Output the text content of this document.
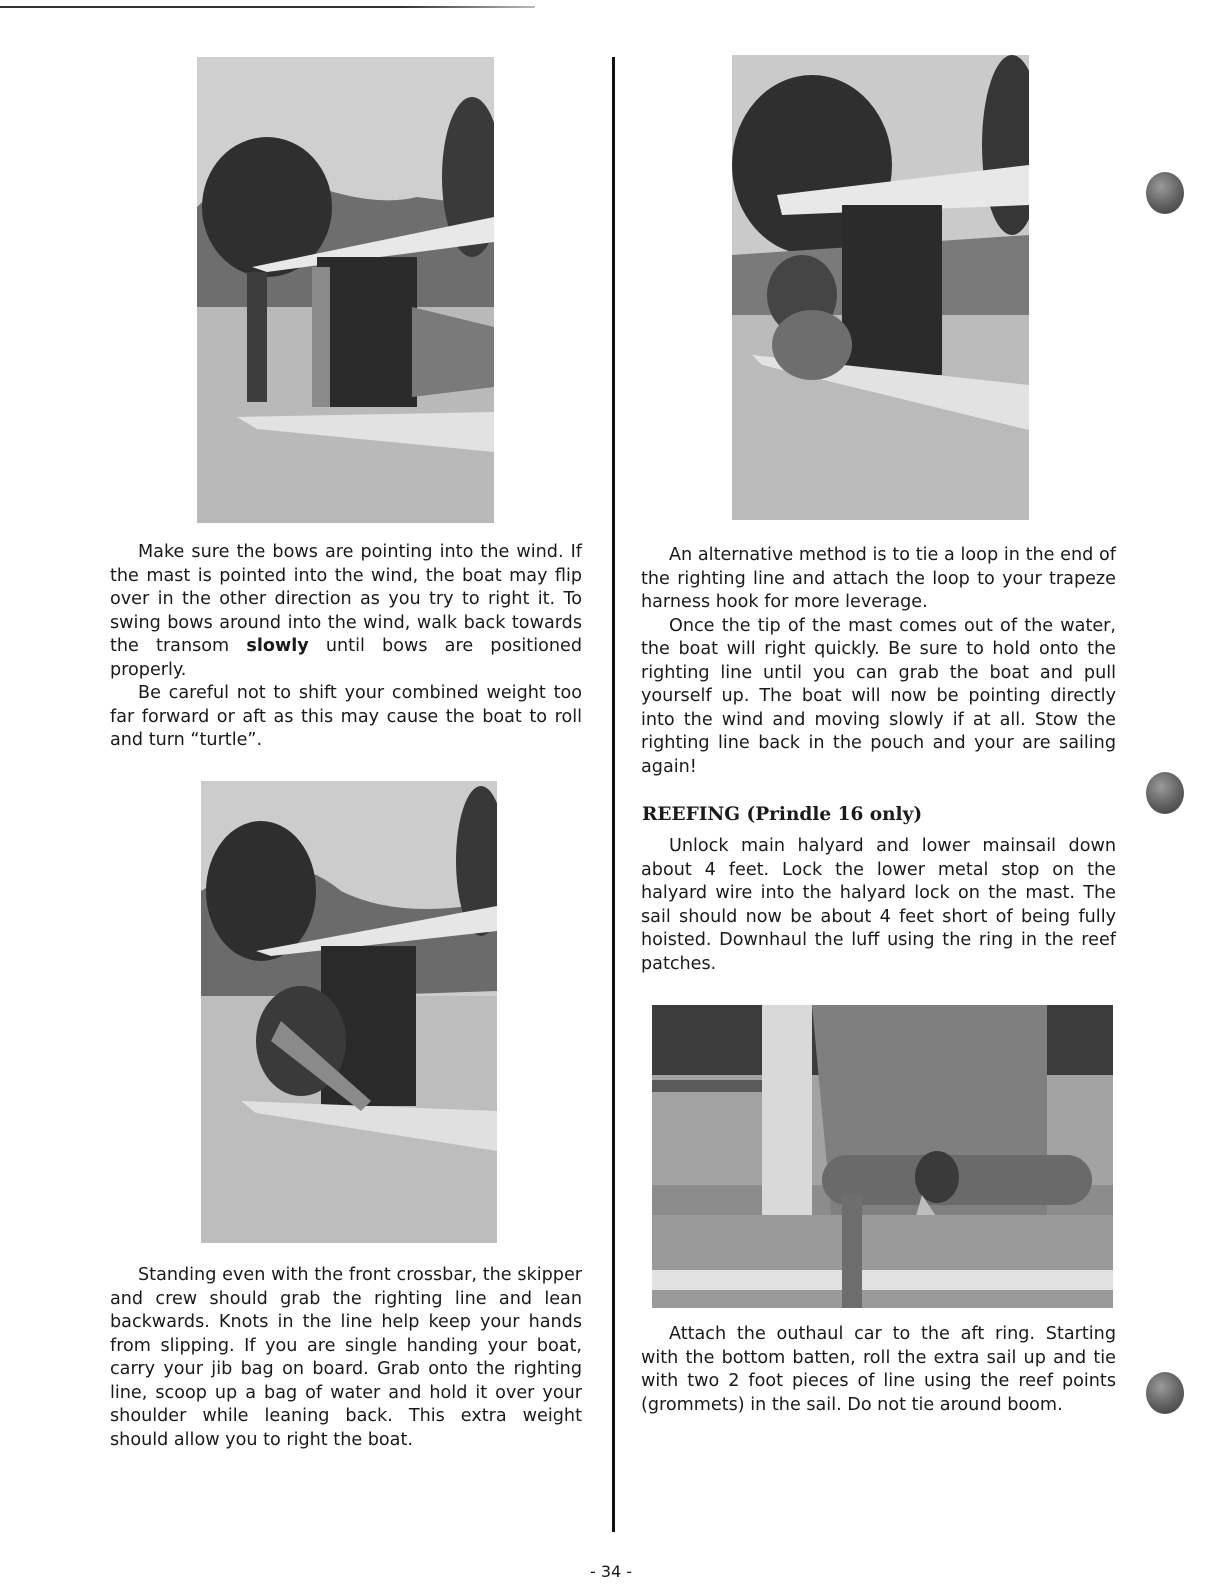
Make sure the bows are pointing into the wind. If the mast is pointed into the wind, the boat may flip over in the other direction as you try to right it. To swing bows around into the wind, walk back towards the transom slowly until bows are positioned properly.

Be careful not to shift your combined weight too far forward or aft as this may cause the boat to roll and turn “turtle”.

Standing even with the front crossbar, the skipper and crew should grab the righting line and lean backwards. Knots in the line help keep your hands from slipping. If you are single handing your boat, carry your jib bag on board. Grab onto the righting line, scoop up a bag of water and hold it over your shoulder while leaning back. This extra weight should allow you to right the boat.

An alternative method is to tie a loop in the end of the righting line and attach the loop to your trapeze harness hook for more leverage.

Once the tip of the mast comes out of the water, the boat will right quickly. Be sure to hold onto the righting line until you can grab the boat and pull yourself up. The boat will now be pointing directly into the wind and moving slowly if at all. Stow the righting line back in the pouch and your are sailing again!

REEFING (Prindle 16 only)

Unlock main halyard and lower mainsail down about 4 feet. Lock the lower metal stop on the halyard wire into the halyard lock on the mast. The sail should now be about 4 feet short of being fully hoisted. Downhaul the luff using the ring in the reef patches.

Attach the outhaul car to the aft ring. Starting with the bottom batten, roll the extra sail up and tie with two 2 foot pieces of line using the reef points (grommets) in the sail. Do not tie around boom.

- 34 -
